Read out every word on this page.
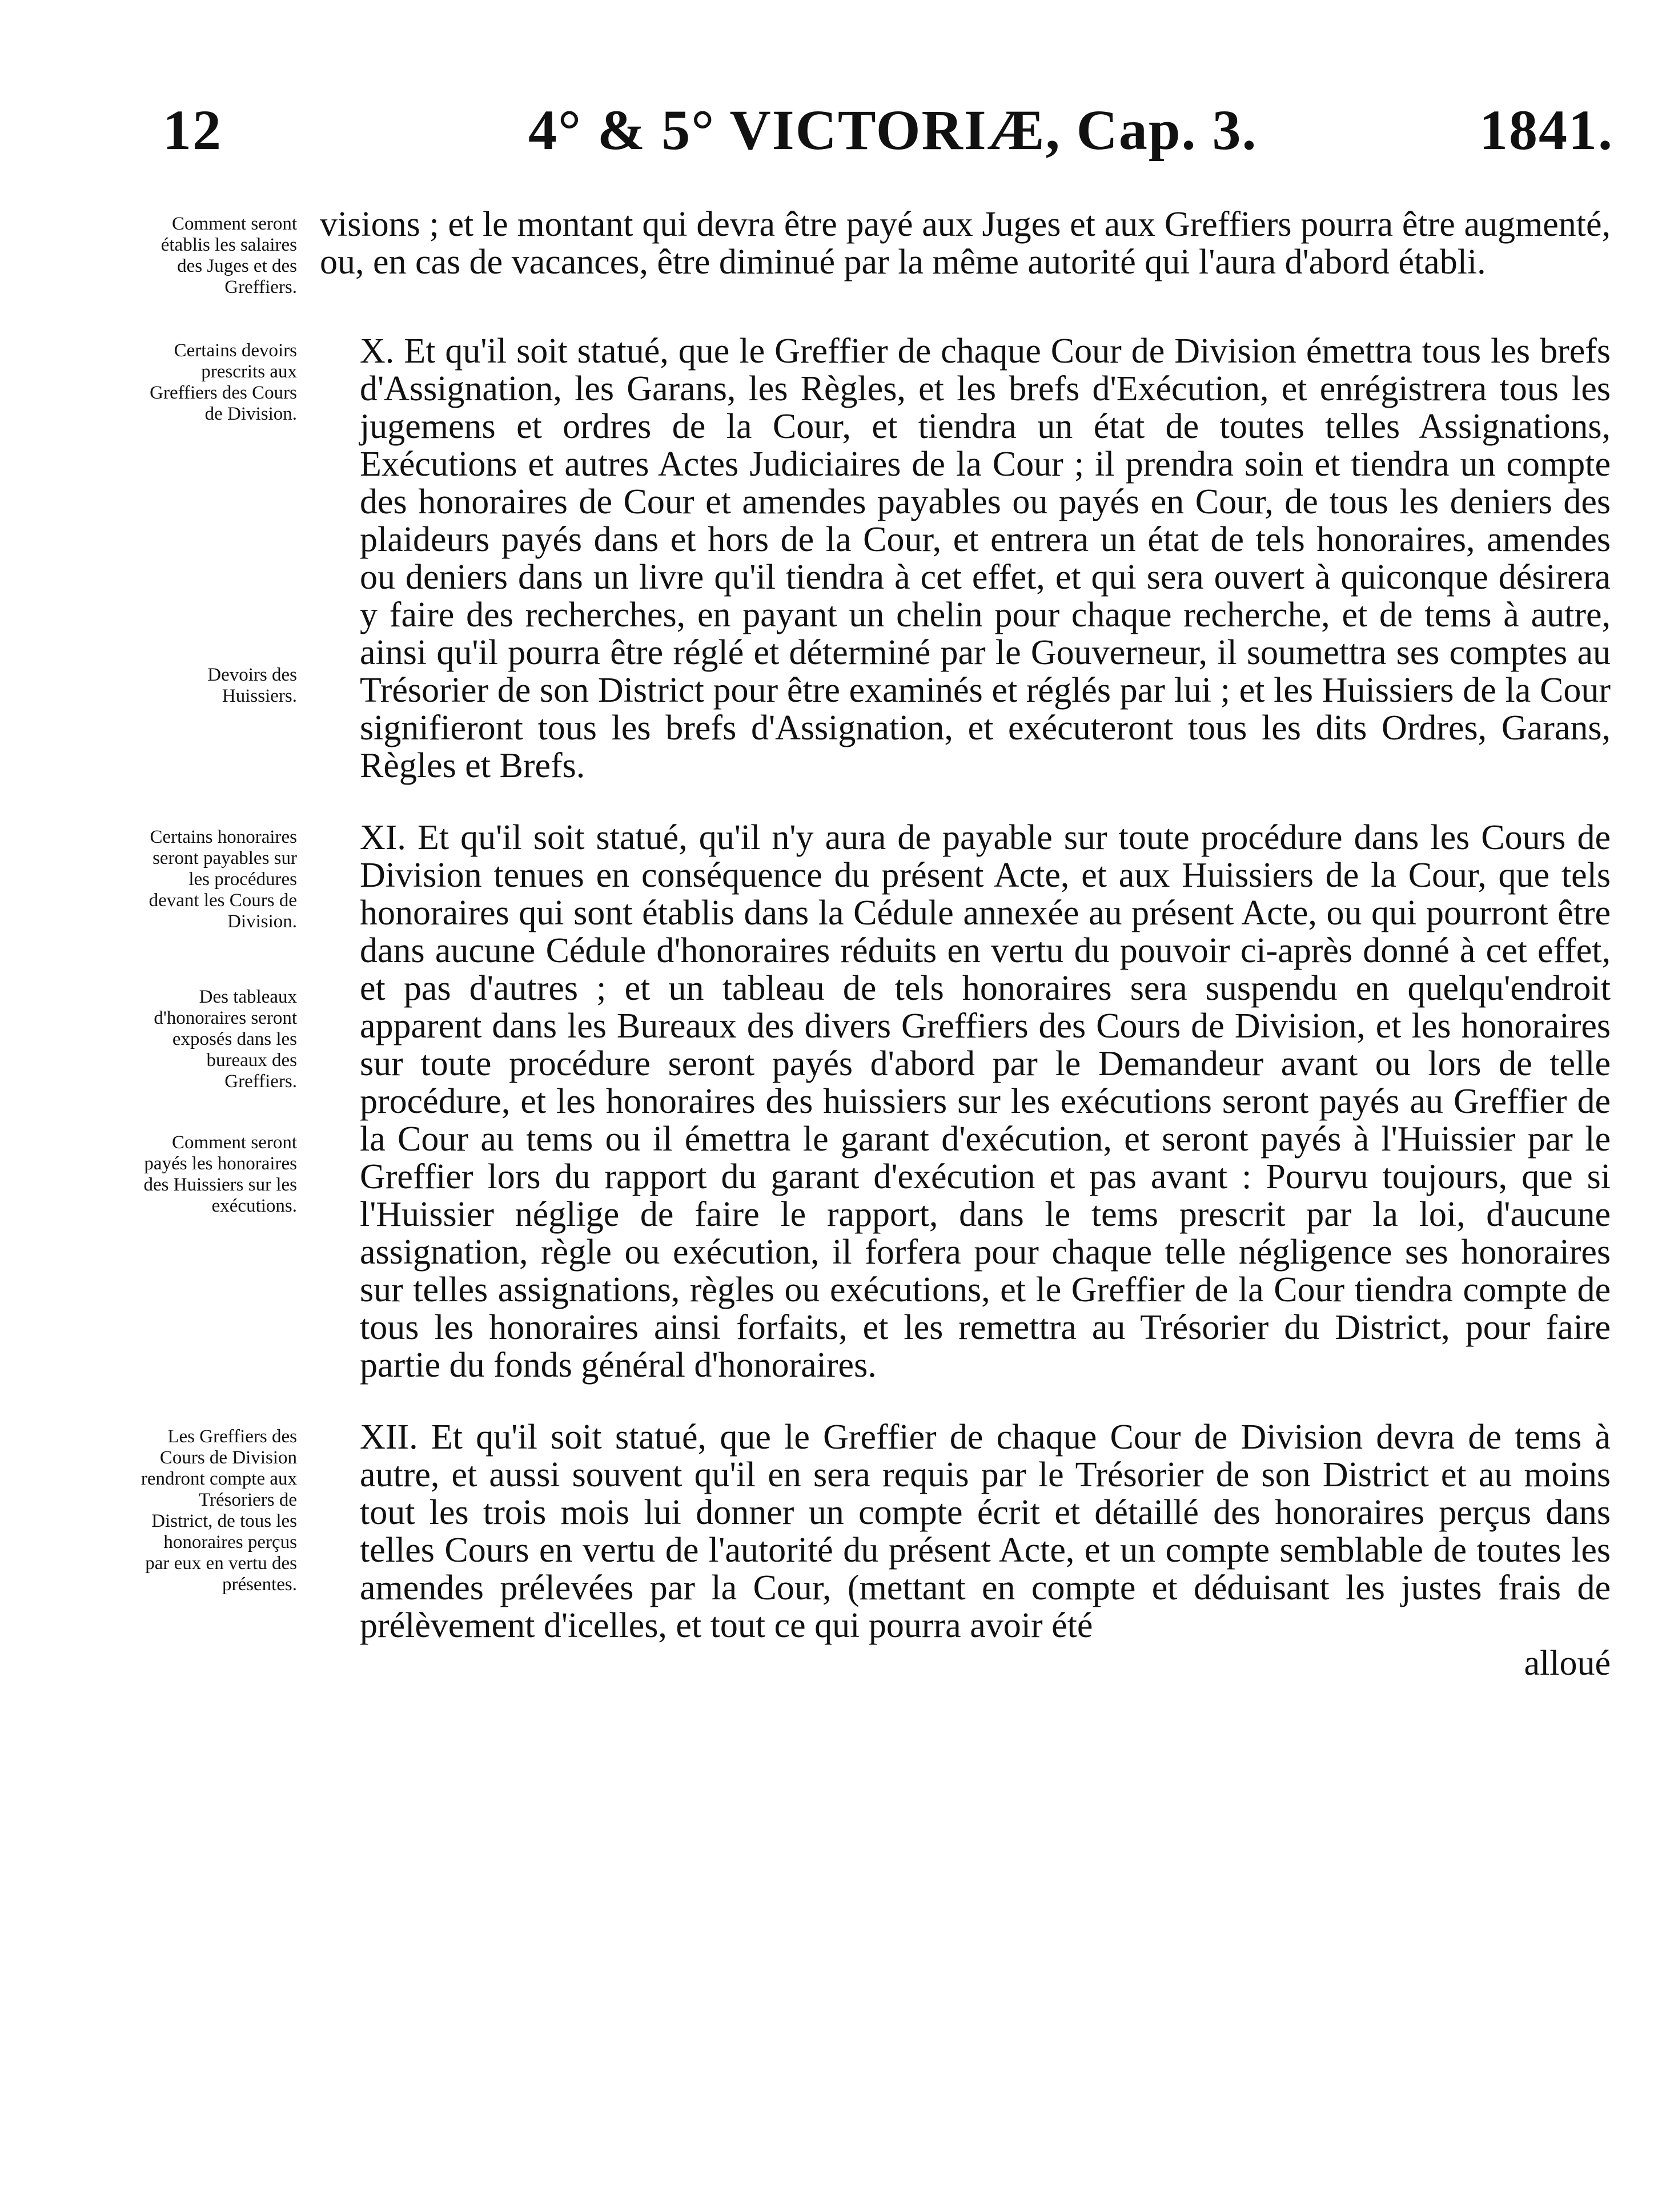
12	4° & 5° VICTORIÆ, Cap. 3.	1841.
Comment seront établis les salaires des Juges et des Greffiers.
visions ; et le montant qui devra être payé aux Juges et aux Greffiers pourra être augmenté, ou, en cas de vacances, être diminué par la même autorité qui l'aura d'abord établi.
Certains devoirs prescrits aux Greffiers des Cours de Division.
Devoirs des Huissiers.
X. Et qu'il soit statué, que le Greffier de chaque Cour de Division émettra tous les brefs d'Assignation, les Garans, les Règles, et les brefs d'Exécution, et enrégistrera tous les jugemens et ordres de la Cour, et tiendra un état de toutes telles Assignations, Exécutions et autres Actes Judiciaires de la Cour ; il prendra soin et tiendra un compte des honoraires de Cour et amendes payables ou payés en Cour, de tous les deniers des plaideurs payés dans et hors de la Cour, et entrera un état de tels honoraires, amendes ou deniers dans un livre qu'il tiendra à cet effet, et qui sera ouvert à quiconque désirera y faire des recherches, en payant un chelin pour chaque recherche, et de tems à autre, ainsi qu'il pourra être réglé et déterminé par le Gouverneur, il soumettra ses comptes au Trésorier de son District pour être examinés et réglés par lui ; et les Huissiers de la Cour signifieront tous les brefs d'Assignation, et exécuteront tous les dits Ordres, Garans, Règles et Brefs.
Certains honoraires seront payables sur les procédures devant les Cours de Division.
Des tableaux d'honoraires seront exposés dans les bureaux des Greffiers.
Comment seront payés les honoraires des Huissiers sur les exécutions.
XI. Et qu'il soit statué, qu'il n'y aura de payable sur toute procédure dans les Cours de Division tenues en conséquence du présent Acte, et aux Huissiers de la Cour, que tels honoraires qui sont établis dans la Cédule annexée au présent Acte, ou qui pourront être dans aucune Cédule d'honoraires réduits en vertu du pouvoir ci-après donné à cet effet, et pas d'autres ; et un tableau de tels honoraires sera suspendu en quelqu'endroit apparent dans les Bureaux des divers Greffiers des Cours de Division, et les honoraires sur toute procédure seront payés d'abord par le Demandeur avant ou lors de telle procédure, et les honoraires des huissiers sur les exécutions seront payés au Greffier de la Cour au tems ou il émettra le garant d'exécution, et seront payés à l'Huissier par le Greffier lors du rapport du garant d'exécution et pas avant : Pourvu toujours, que si l'Huissier néglige de faire le rapport, dans le tems prescrit par la loi, d'aucune assignation, règle ou exécution, il forfera pour chaque telle négligence ses honoraires sur telles assignations, règles ou exécutions, et le Greffier de la Cour tiendra compte de tous les honoraires ainsi forfaits, et les remettra au Trésorier du District, pour faire partie du fonds général d'honoraires.
Les Greffiers des Cours de Division rendront compte aux Trésoriers de District, de tous les honoraires perçus par eux en vertu des présentes.
XII. Et qu'il soit statué, que le Greffier de chaque Cour de Division devra de tems à autre, et aussi souvent qu'il en sera requis par le Trésorier de son District et au moins tout les trois mois lui donner un compte écrit et détaillé des honoraires perçus dans telles Cours en vertu de l'autorité du présent Acte, et un compte semblable de toutes les amendes prélevées par la Cour, (mettant en compte et déduisant les justes frais de prélèvement d'icelles, et tout ce qui pourra avoir été
alloué
